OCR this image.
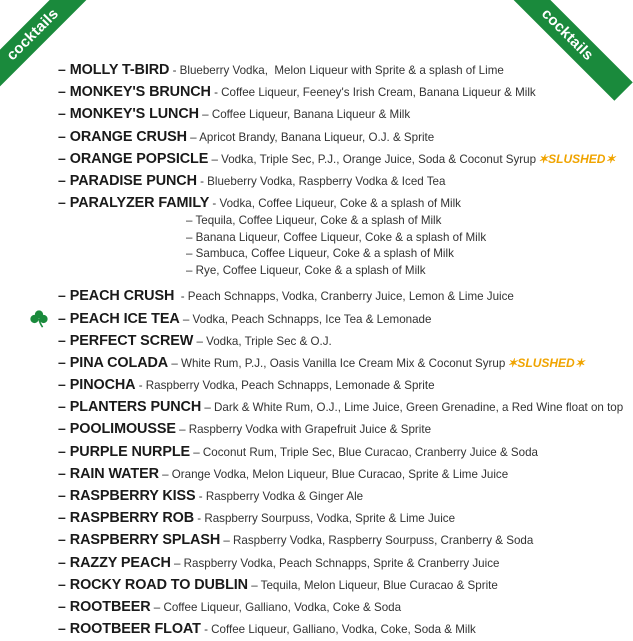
cocktails	cocktails
– MOLLY T-BIRD - Blueberry Vodka,  Melon Liqueur with Sprite & a splash of Lime
– MONKEY'S BRUNCH - Coffee Liqueur, Feeney's Irish Cream, Banana Liqueur & Milk
– MONKEY'S LUNCH – Coffee Liqueur, Banana Liqueur & Milk
– ORANGE CRUSH – Apricot Brandy, Banana Liqueur, O.J. & Sprite
– ORANGE POPSICLE – Vodka, Triple Sec, P.J., Orange Juice, Soda & Coconut Syrup ✶SLUSHED✶
– PARADISE PUNCH - Blueberry Vodka, Raspberry Vodka & Iced Tea
– PARALYZER FAMILY - Vodka, Coffee Liqueur, Coke & a splash of Milk
– Tequila, Coffee Liqueur, Coke & a splash of Milk
– Banana Liqueur, Coffee Liqueur, Coke & a splash of Milk
– Sambuca, Coffee Liqueur, Coke & a splash of Milk
– Rye, Coffee Liqueur, Coke & a splash of Milk
– PEACH CRUSH  - Peach Schnapps, Vodka, Cranberry Juice, Lemon & Lime Juice
– PEACH ICE TEA – Vodka, Peach Schnapps, Ice Tea & Lemonade
– PERFECT SCREW – Vodka, Triple Sec & O.J.
– PINA COLADA – White Rum, P.J., Oasis Vanilla Ice Cream Mix & Coconut Syrup ✶SLUSHED✶
– PINOCHA - Raspberry Vodka, Peach Schnapps, Lemonade & Sprite
– PLANTERS PUNCH – Dark & White Rum, O.J., Lime Juice, Green Grenadine, a Red Wine float on top
– POOLIMOUSSE – Raspberry Vodka with Grapefruit Juice & Sprite
– PURPLE NURPLE – Coconut Rum, Triple Sec, Blue Curacao, Cranberry Juice & Soda
– RAIN WATER – Orange Vodka, Melon Liqueur, Blue Curacao, Sprite & Lime Juice
– RASPBERRY KISS - Raspberry Vodka & Ginger Ale
– RASPBERRY ROB - Raspberry Sourpuss, Vodka, Sprite & Lime Juice
– RASPBERRY SPLASH – Raspberry Vodka, Raspberry Sourpuss, Cranberry & Soda
– RAZZY PEACH – Raspberry Vodka, Peach Schnapps, Sprite & Cranberry Juice
– ROCKY ROAD TO DUBLIN – Tequila, Melon Liqueur, Blue Curacao & Sprite
– ROOTBEER – Coffee Liqueur, Galliano, Vodka, Coke & Soda
– ROOTBEER FLOAT - Coffee Liqueur, Galliano, Vodka, Coke, Soda & Milk
